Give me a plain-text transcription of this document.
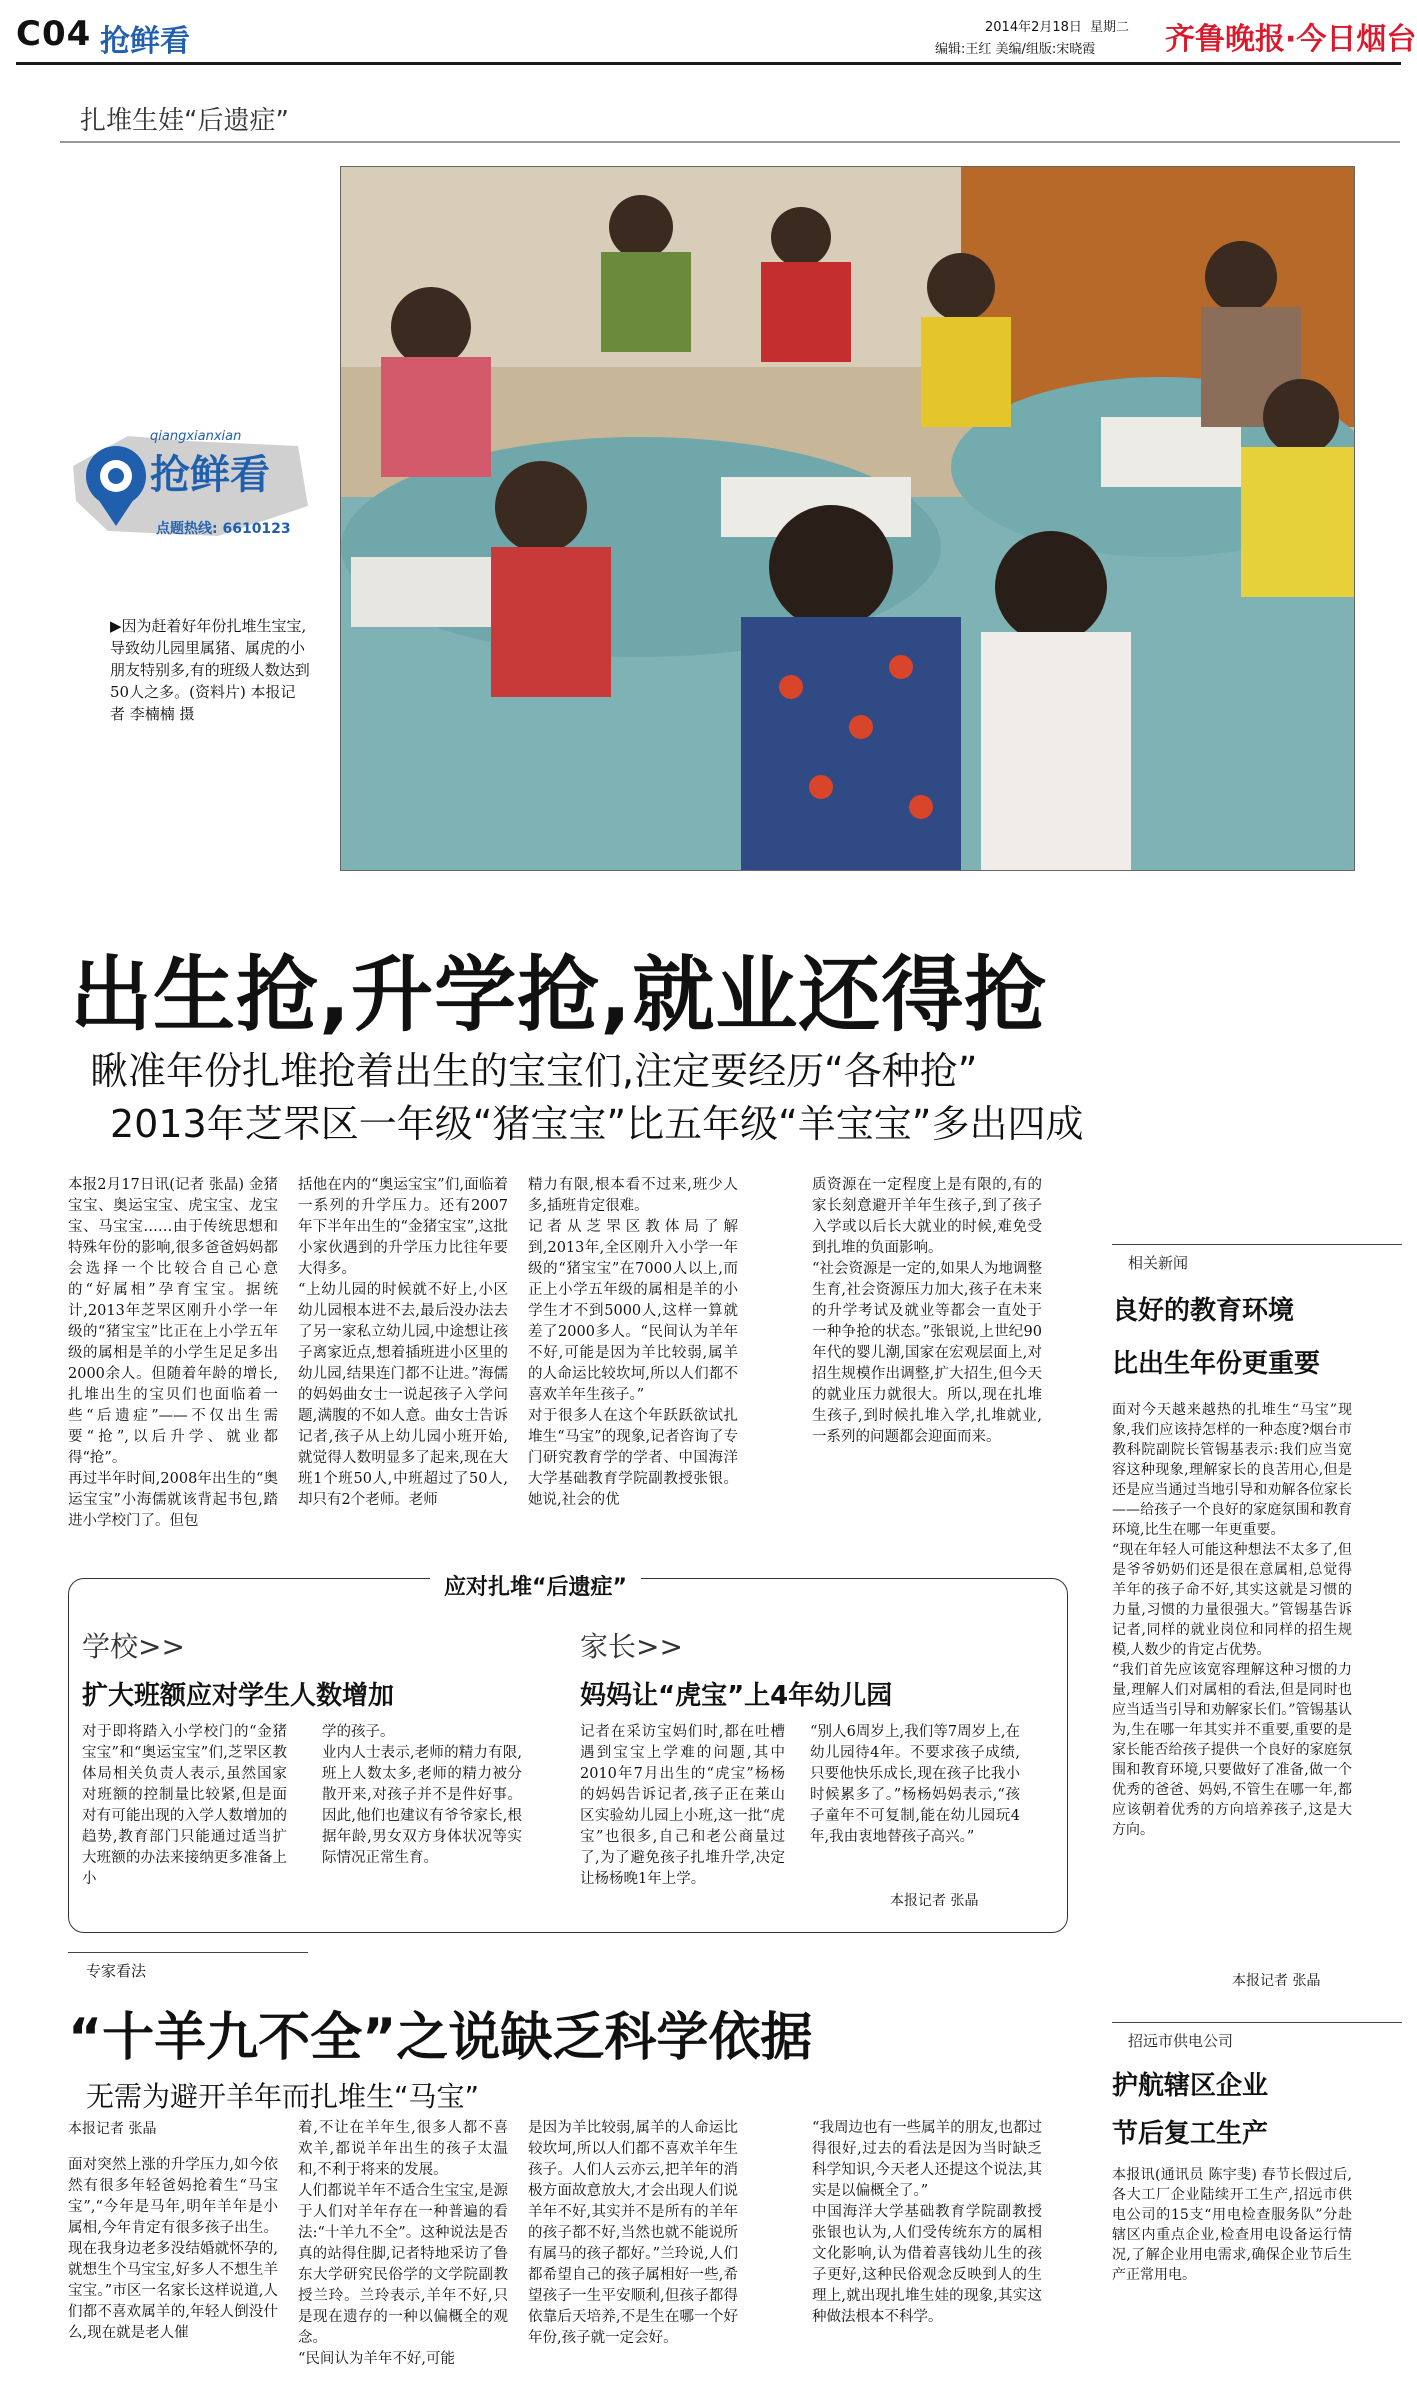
C04 抢鲜看	2014年2月18日 星期二
编辑:王红 美编/组版:宋晓霞 齐鲁晚报·今日烟台
扎堆生娃“后遗症”
qiangxianxian
抢鲜看
点题热线: 6610123
▶因为赶着好年份扎堆生宝宝,导致幼儿园里属猪、属虎的小朋友特别多,有的班级人数达到50人之多。(资料片) 本报记者 李楠楠 摄
出生抢,升学抢,就业还得抢
瞅准年份扎堆抢着出生的宝宝们,注定要经历“各种抢”
2013年芝罘区一年级“猪宝宝”比五年级“羊宝宝”多出四成
本报2月17日讯(记者 张晶) 金猪宝宝、奥运宝宝、虎宝宝、龙宝宝、马宝宝……由于传统思想和特殊年份的影响,很多爸爸妈妈都会选择一个比较合自己心意的“好属相”孕育宝宝。据统计,2013年芝罘区刚升小学一年级的“猪宝宝”比正在上小学五年级的属相是羊的小学生足足多出2000余人。但随着年龄的增长,扎堆出生的宝贝们也面临着一些“后遗症”——不仅出生需要“抢”,以后升学、就业都得“抢”。
再过半年时间,2008年出生的“奥运宝宝”小海儒就该背起书包,踏进小学校门了。但包
括他在内的“奥运宝宝”们,面临着一系列的升学压力。还有2007年下半年出生的“金猪宝宝”,这批小家伙遇到的升学压力比往年要大得多。
“上幼儿园的时候就不好上,小区幼儿园根本进不去,最后没办法去了另一家私立幼儿园,中途想让孩子离家近点,想着插班进小区里的幼儿园,结果连门都不让进。”海儒的妈妈曲女士一说起孩子入学问题,满腹的不如人意。曲女士告诉记者,孩子从上幼儿园小班开始,就觉得人数明显多了起来,现在大班1个班50人,中班超过了50人,却只有2个老师。老师
精力有限,根本看不过来,班少人多,插班肯定很难。
记者从芝罘区教体局了解到,2013年,全区刚升入小学一年级的“猪宝宝”在7000人以上,而正上小学五年级的属相是羊的小学生才不到5000人,这样一算就差了2000多人。“民间认为羊年不好,可能是因为羊比较弱,属羊的人命运比较坎坷,所以人们都不喜欢羊年生孩子。”
对于很多人在这个年跃跃欲试扎堆生“马宝”的现象,记者咨询了专门研究教育学的学者、中国海洋大学基础教育学院副教授张银。她说,社会的优
质资源在一定程度上是有限的,有的家长刻意避开羊年生孩子,到了孩子入学或以后长大就业的时候,难免受到扎堆的负面影响。
“社会资源是一定的,如果人为地调整生育,社会资源压力加大,孩子在未来的升学考试及就业等都会一直处于一种争抢的状态。”张银说,上世纪90年代的婴儿潮,国家在宏观层面上,对招生规模作出调整,扩大招生,但今天的就业压力就很大。所以,现在扎堆生孩子,到时候扎堆入学,扎堆就业,一系列的问题都会迎面而来。
相关新闻
良好的教育环境
比出生年份更重要
面对今天越来越热的扎堆生“马宝”现象,我们应该持怎样的一种态度?烟台市教科院副院长管锡基表示:我们应当宽容这种现象,理解家长的良苦用心,但是还是应当通过当地引导和劝解各位家长——给孩子一个良好的家庭氛围和教育环境,比生在哪一年更重要。
“现在年轻人可能这种想法不太多了,但是爷爷奶奶们还是很在意属相,总觉得羊年的孩子命不好,其实这就是习惯的力量,习惯的力量很强大。”管锡基告诉记者,同样的就业岗位和同样的招生规模,人数少的肯定占优势。
“我们首先应该宽容理解这种习惯的力量,理解人们对属相的看法,但是同时也应当适当引导和劝解家长们。”管锡基认为,生在哪一年其实并不重要,重要的是家长能否给孩子提供一个良好的家庭氛围和教育环境,只要做好了准备,做一个优秀的爸爸、妈妈,不管生在哪一年,都应该朝着优秀的方向培养孩子,这是大方向。
本报记者 张晶
招远市供电公司
护航辖区企业
节后复工生产
本报讯(通讯员 陈宇斐) 春节长假过后,各大工厂企业陆续开工生产,招远市供电公司的15支“用电检查服务队”分赴辖区内重点企业,检查用电设备运行情况,了解企业用电需求,确保企业节后生产正常用电。
应对扎堆“后遗症”
学校>>
扩大班额应对学生人数增加
对于即将踏入小学校门的“金猪宝宝”和“奥运宝宝”们,芝罘区教体局相关负责人表示,虽然国家对班额的控制量比较紧,但是面对有可能出现的入学人数增加的趋势,教育部门只能通过适当扩大班额的办法来接纳更多准备上小
学的孩子。
业内人士表示,老师的精力有限,班上人数太多,老师的精力被分散开来,对孩子并不是件好事。因此,他们也建议有爷爷家长,根据年龄,男女双方身体状况等实际情况正常生育。
家长>>
妈妈让“虎宝”上4年幼儿园
记者在采访宝妈们时,都在吐槽遇到宝宝上学难的问题,其中2010年7月出生的“虎宝”杨杨的妈妈告诉记者,孩子正在莱山区实验幼儿园上小班,这一批“虎宝”也很多,自己和老公商量过了,为了避免孩子扎堆升学,决定让杨杨晚1年上学。
“别人6周岁上,我们等7周岁上,在幼儿园待4年。不要求孩子成绩,只要他快乐成长,现在孩子比我小时候累多了。”杨杨妈妈表示,“孩子童年不可复制,能在幼儿园玩4年,我由衷地替孩子高兴。”
本报记者 张晶
专家看法
“十羊九不全”之说缺乏科学依据
无需为避开羊年而扎堆生“马宝”
本报记者 张晶
面对突然上涨的升学压力,如今依然有很多年轻爸妈抢着生“马宝宝”,“今年是马年,明年羊年是小属相,今年肯定有很多孩子出生。现在我身边老多没结婚就怀孕的,就想生个马宝宝,好多人不想生羊宝宝。”市区一名家长这样说道,人们都不喜欢属羊的,年轻人倒没什么,现在就是老人催
着,不让在羊年生,很多人都不喜欢羊,都说羊年出生的孩子太温和,不利于将来的发展。
人们都说羊年不适合生宝宝,是源于人们对羊年存在一种普遍的看法:“十羊九不全”。这种说法是否真的站得住脚,记者特地采访了鲁东大学研究民俗学的文学院副教授兰玲。兰玲表示,羊年不好,只是现在遗存的一种以偏概全的观念。
“民间认为羊年不好,可能
是因为羊比较弱,属羊的人命运比较坎坷,所以人们都不喜欢羊年生孩子。人们人云亦云,把羊年的消极方面故意放大,才会出现人们说羊年不好,其实并不是所有的羊年的孩子都不好,当然也就不能说所有属马的孩子都好。”兰玲说,人们都希望自己的孩子属相好一些,希望孩子一生平安顺利,但孩子都得依靠后天培养,不是生在哪一个好年份,孩子就一定会好。
“我周边也有一些属羊的朋友,也都过得很好,过去的看法是因为当时缺乏科学知识,今天老人还提这个说法,其实是以偏概全了。”
中国海洋大学基础教育学院副教授张银也认为,人们受传统东方的属相文化影响,认为借着喜钱幼儿生的孩子更好,这种民俗观念反映到人的生理上,就出现扎堆生娃的现象,其实这种做法根本不科学。
